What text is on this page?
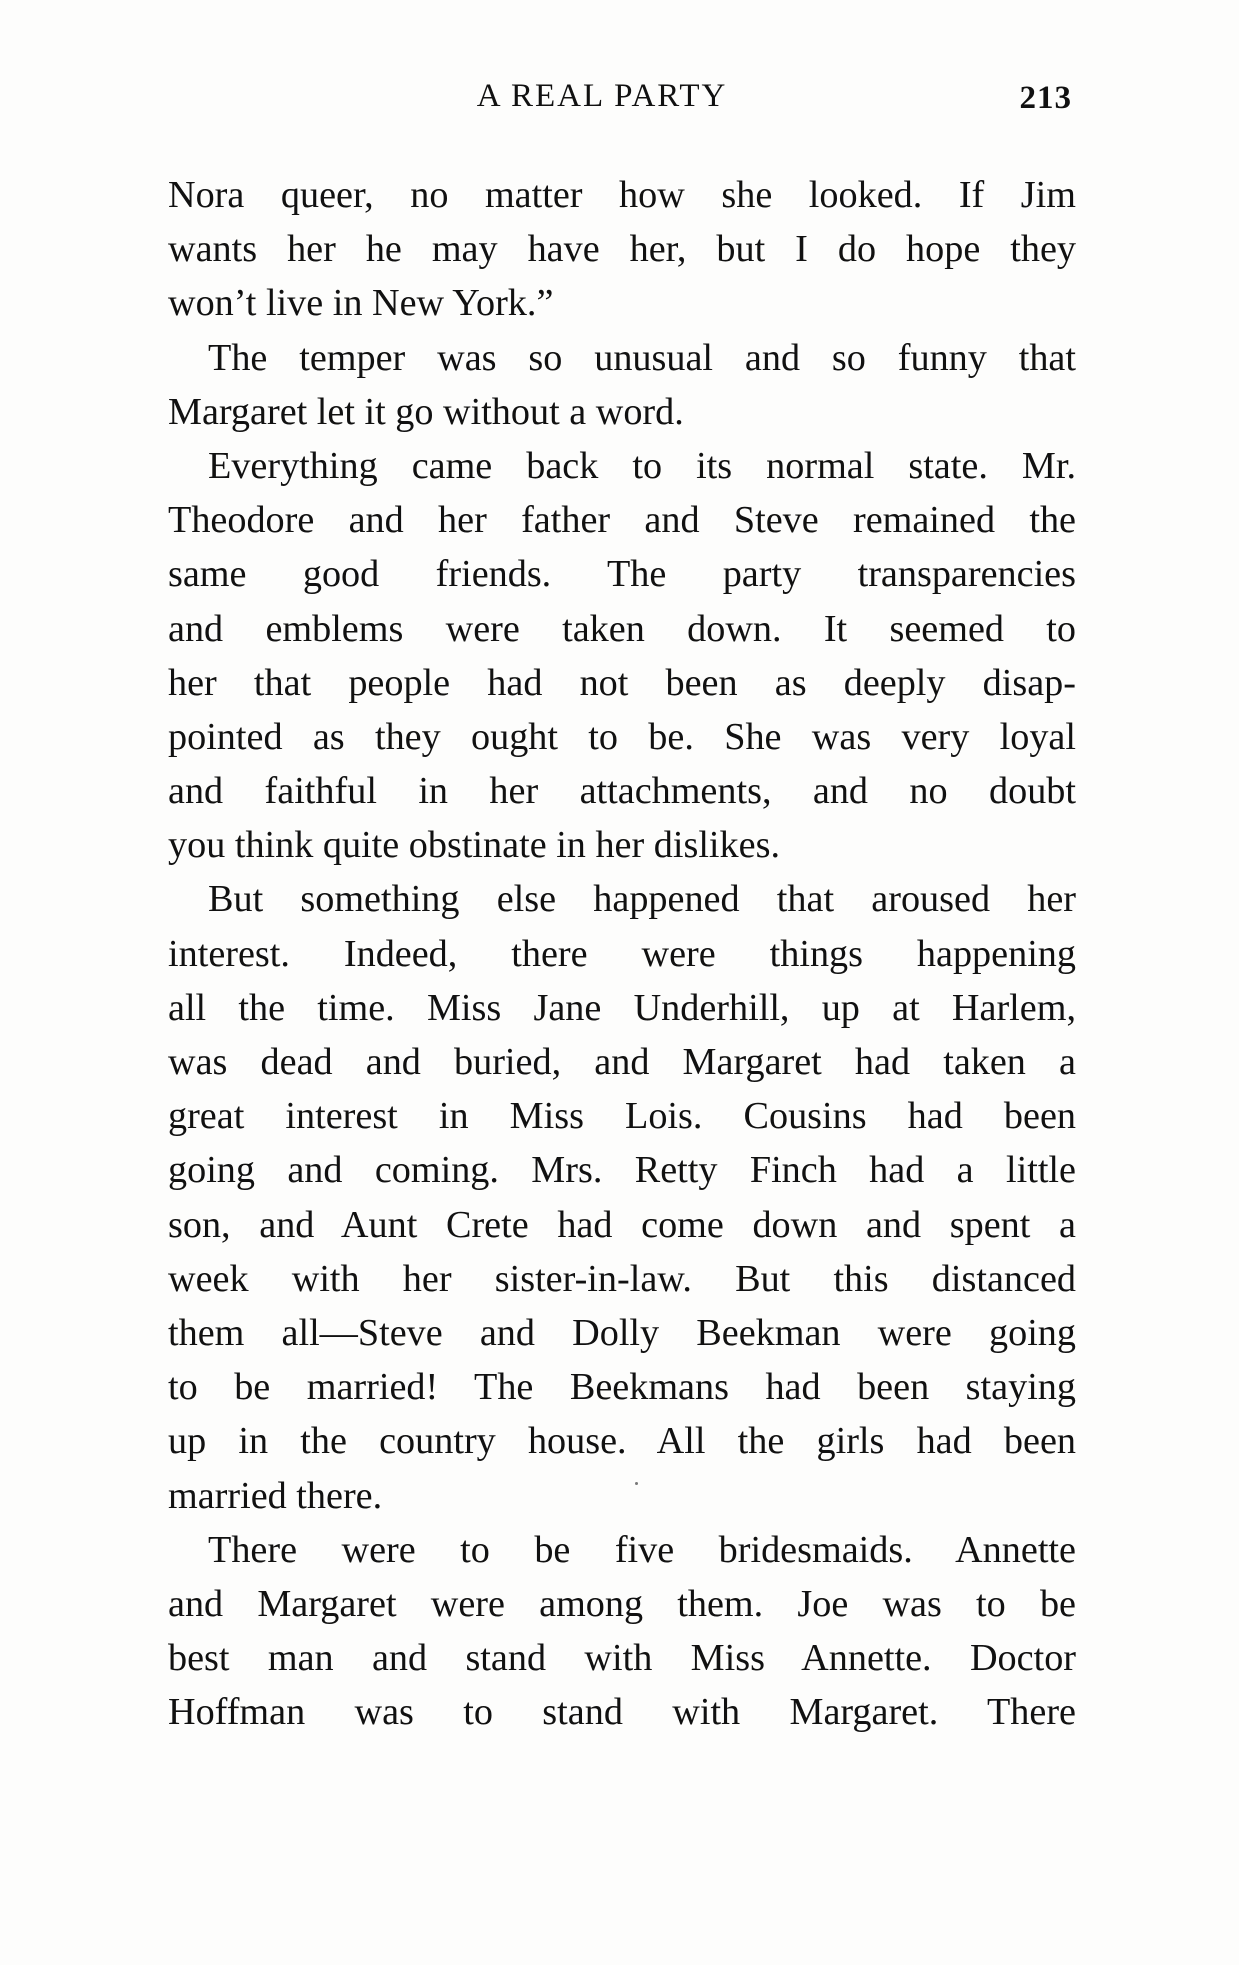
A REAL PARTY	213

Nora queer, no matter how she looked. If Jim
wants her he may have her, but I do hope they
won’t live in New York.”

The temper was so unusual and so funny that
Margaret let it go without a word.

Everything came back to its normal state. Mr.
Theodore and her father and Steve remained the
same good friends. The party transparencies
and emblems were taken down. It seemed to
her that people had not been as deeply disap-
pointed as they ought to be. She was very loyal
and faithful in her attachments, and no doubt
you think quite obstinate in her dislikes.

But something else happened that aroused her
interest. Indeed, there were things happening
all the time. Miss Jane Underhill, up at Harlem,
was dead and buried, and Margaret had taken a
great interest in Miss Lois. Cousins had been
going and coming. Mrs. Retty Finch had a little
son, and Aunt Crete had come down and spent a
week with her sister-in-law. But this distanced
them all—Steve and Dolly Beekman were going
to be married! The Beekmans had been staying
up in the country house. All the girls had been
married there.

There were to be five bridesmaids. Annette
and Margaret were among them. Joe was to be
best man and stand with Miss Annette. Doctor
Hoffman was to stand with Margaret. There
